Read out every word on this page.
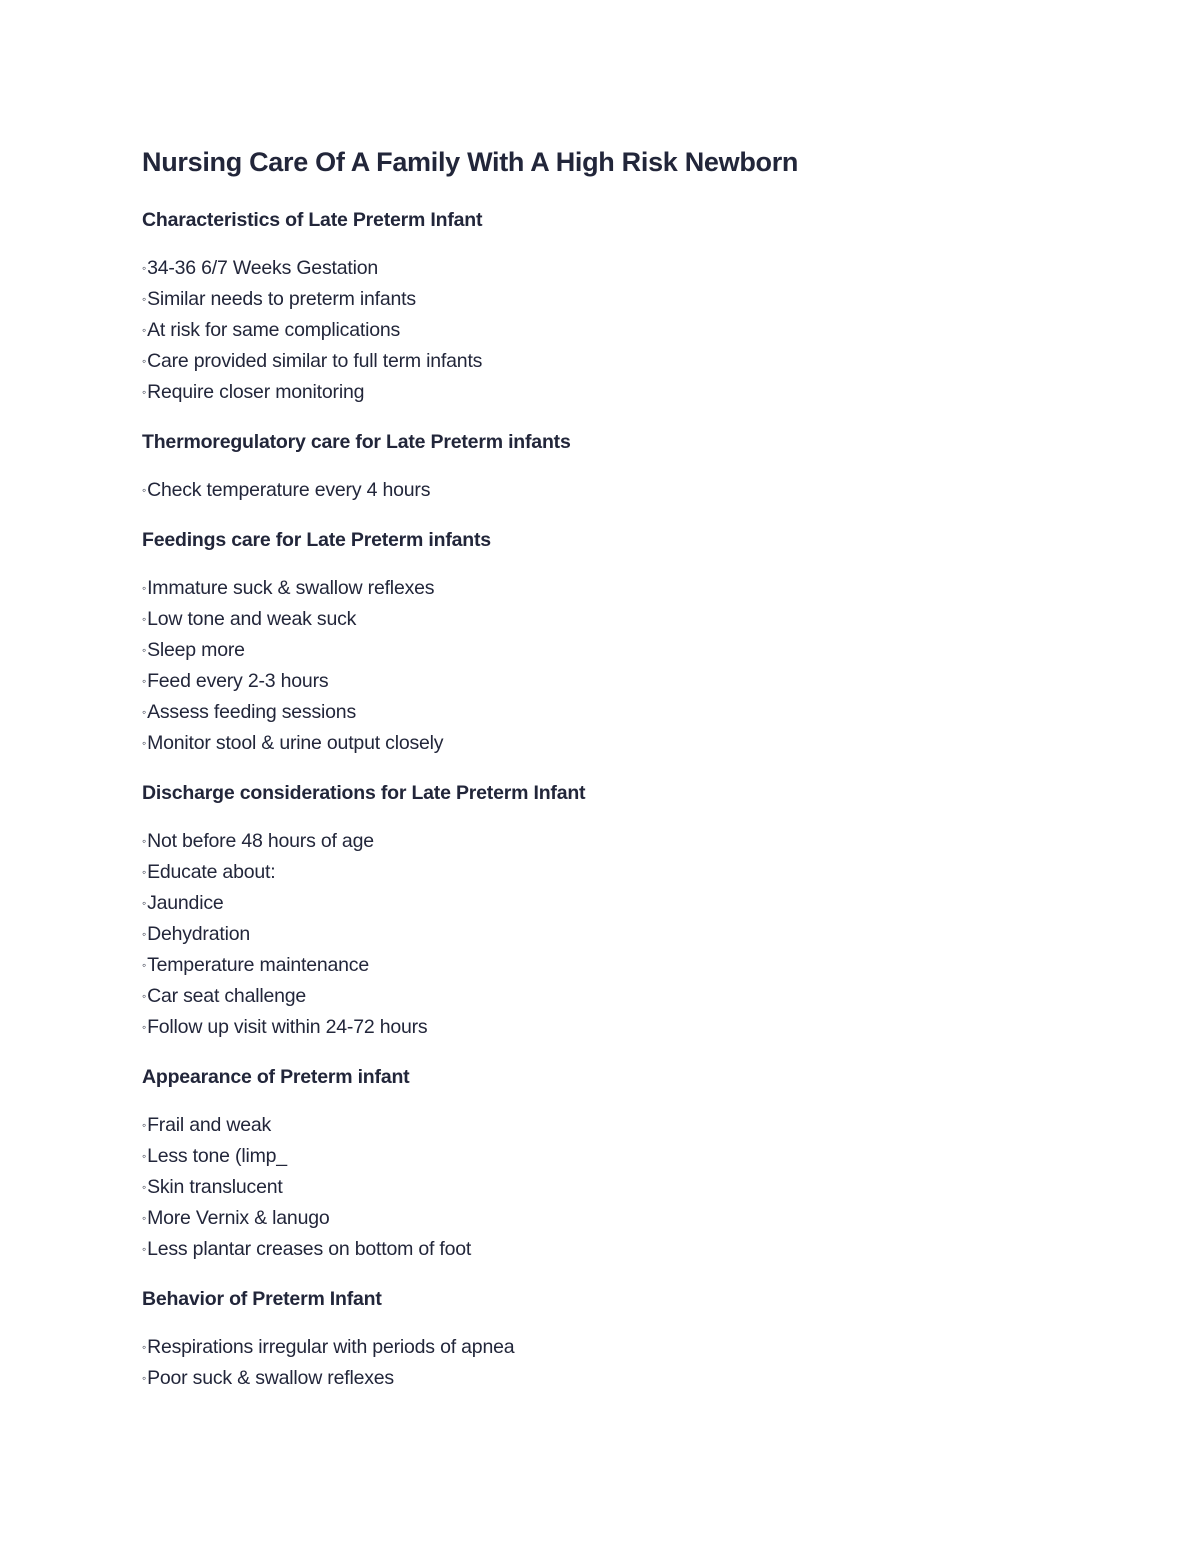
Nursing Care Of A Family With A High Risk Newborn
Characteristics of Late Preterm Infant
◦34-36 6/7 Weeks Gestation
◦Similar needs to preterm infants
◦At risk for same complications
◦Care provided similar to full term infants
◦Require closer monitoring
Thermoregulatory care for Late Preterm infants
◦Check temperature every 4 hours
Feedings care for Late Preterm infants
◦Immature suck & swallow reflexes
◦Low tone and weak suck
◦Sleep more
◦Feed every 2-3 hours
◦Assess feeding sessions
◦Monitor stool & urine output closely
Discharge considerations for Late Preterm Infant
◦Not before 48 hours of age
◦Educate about:
◦Jaundice
◦Dehydration
◦Temperature maintenance
◦Car seat challenge
◦Follow up visit within 24-72 hours
Appearance of Preterm infant
◦Frail and weak
◦Less tone (limp_
◦Skin translucent
◦More Vernix & lanugo
◦Less plantar creases on bottom of foot
Behavior of Preterm Infant
◦Respirations irregular with periods of apnea
◦Poor suck & swallow reflexes
